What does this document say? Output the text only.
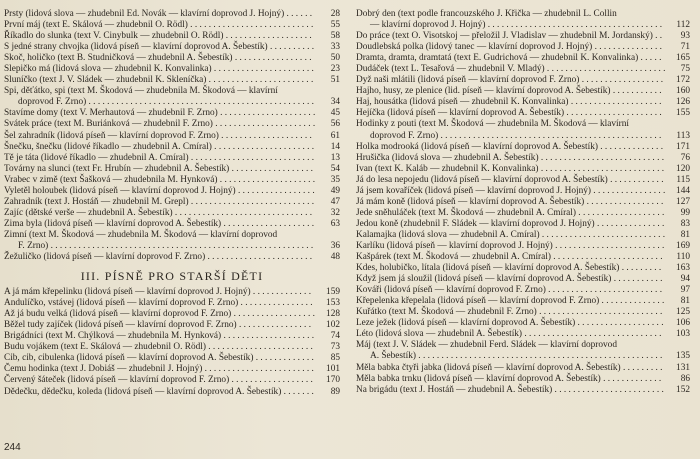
Prsty (lidová slova — zhudebnil Ed. Novák — klavírní doprovod J. Hojný) . . . . . .	28
První máj (text E. Skálová — zhudebnil O. Rödl) . . . . . . . . . . . . . . . . . . . . . . . . . . .	55
Říkadlo do slunka (text V. Cinybulk — zhudebnil O. Rödl) . . . . . . . . . . . . . . . . . . .	58
S jedné strany chvojka (lidová píseň — klavírní doprovod A. Šebestík) . . . . . . . . . .	33
Skoč, holičko (text B. Studničková — zhudebnil A. Šebestík) . . . . . . . . . . . . . . . . .	50
Slepičko má (lidová slova — zhudebnil K. Konvalinka) . . . . . . . . . . . . . . . . . . . . . .	23
Sluníčko (text J. V. Sládek — zhudebnil K. Skleníčka) . . . . . . . . . . . . . . . . . . . . . . .	51
Spi, děťátko, spi (text M. Škodová — zhudebnila M. Škodová — klavírní
doprovod F. Zrno) . . . . . . . . . . . . . . . . . . . . . . . . . . . . . . . . . . . . . . . . . . . . . . . . .	34
Stavíme domy (text V. Merhautová — zhudebnil F. Zrno) . . . . . . . . . . . . . . . . . . . . .	45
Svátek práce (text M. Buriánková — zhudebnil F. Zrno) . . . . . . . . . . . . . . . . . . . . . .	56
Šel zahradník (lidová píseň — klavírní doprovod F. Zrno) . . . . . . . . . . . . . . . . . . . .	61
Šnečku, šnečku (lidové říkadlo — zhudebnil A. Cmíral) . . . . . . . . . . . . . . . . . . . . . .	14
Tě je táta (lidové říkadlo — zhudebnil A. Cmíral) . . . . . . . . . . . . . . . . . . . . . . . . . . .	13
Továrny na slunci (text Fr. Hrubín — zhudebnil A. Šebestík) . . . . . . . . . . . . . . . . . .	54
Vrabec v zimě (text Šašková — zhudebnila M. Hynková) . . . . . . . . . . . . . . . . . . . . .	35
Vyletěl holoubek (lidová píseň — klavírní doprovod J. Hojný) . . . . . . . . . . . . . . . . .	49
Zahradník (text J. Hostáň — zhudebnil M. Grepl) . . . . . . . . . . . . . . . . . . . . . . . . . . .	47
Zajíc (dětské verše — zhudebnil A. Šebestík) . . . . . . . . . . . . . . . . . . . . . . . . . . . . . .	32
Zima byla (lidová píseň — klavírní doprovod A. Šebestík) . . . . . . . . . . . . . . . . . . . .	63
Zimní (text M. Škodová — zhudebnila M. Škodová — klavírní doprovod
F. Zrno) . . . . . . . . . . . . . . . . . . . . . . . . . . . . . . . . . . . . . . . . . . . . . . . . . . . . . . . . .	36
Žežuličko (lidová píseň — klavírní doprovod F. Zrno) . . . . . . . . . . . . . . . . . . . . . . .	48
III. PÍSNĚ PRO STARŠÍ DĚTI
A já mám křepelinku (lidová píseň — klavírní doprovod J. Hojný) . . . . . . . . . . . . .	159
Andulíčko, vstávej (lidová píseň — klavírní doprovod F. Zrno) . . . . . . . . . . . . . . . .	153
Až já budu velká (lidová píseň — klavírní doprovod F. Zrno) . . . . . . . . . . . . . . . . . .	128
Běžel tudy zajíček (lidová píseň — klavírní doprovod F. Zrno) . . . . . . . . . . . . . . . .	102
Brigádníci (text M. Chýlková — zhudebnila M. Hynková) . . . . . . . . . . . . . . . . . . . .	74
Budu vojákem (text E. Skálová — zhudebnil O. Rödl) . . . . . . . . . . . . . . . . . . . . . . .	73
Cib, cib, cibulenka (lidová píseň — klavírní doprovod A. Šebestík) . . . . . . . . . . . . .	85
Čemu hodinka (text J. Dobiáš — zhudebnil J. Hojný) . . . . . . . . . . . . . . . . . . . . . . . .	101
Červený šáteček (lidová píseň — klavírní doprovod F. Zrno) . . . . . . . . . . . . . . . . . .	170
Dědečku, dědečku, koleda (lidová píseň — klavírní doprovod A. Šebestík) . . . . . . .	89
Dobrý den (text podle francouzského J. Křička — zhudebnil L. Collin
— klavírní doprovod J. Hojný) . . . . . . . . . . . . . . . . . . . . . . . . . . . . . . . . . . . . . .	112
Do práce (text O. Visotskoj — přeložil J. Vladislav — zhudebnil M. Jordanský) . .	93
Doudlebská polka (lidový tanec — klavírní doprovod J. Hojný) . . . . . . . . . . . . . . .	71
Dramta, dramta, dramtatá (text E. Gudrichová — zhudebnil K. Konvalinka) . . . . .	165
Dudáček (text L. Tesařová — zhudebnil V. Mladý) . . . . . . . . . . . . . . . . . . . . . . . . . .	75
Dyž naši mlátili (lidová píseň — klavírní doprovod F. Zrno) . . . . . . . . . . . . . . . . . .	172
Hajho, husy, ze plenice (lid. píseň — klavírní doprovod A. Šebestík) . . . . . . . . . . .	160
Haj, housátka (lidová píseň — zhudebnil K. Konvalinka) . . . . . . . . . . . . . . . . . . . .	126
Hejíčka (lidová píseň — klavírní doprovod A. Šebestík) . . . . . . . . . . . . . . . . . . . . .	155
Hodinky z pouti (text M. Škodová — zhudebnila M. Škodová — klavírní
doprovod F. Zrno) . . . . . . . . . . . . . . . . . . . . . . . . . . . . . . . . . . . . . . . . . . . . . . . .	113
Holka modrooká (lidová píseň — klavírní doprovod A. Šebestík) . . . . . . . . . . . . . .	171
Hrušička (lidová slova — zhudebnil A. Šebestík) . . . . . . . . . . . . . . . . . . . . . . . . . . .	76
Ivan (text K. Kaláb — zhudebnil K. Konvalinka) . . . . . . . . . . . . . . . . . . . . . . . . . . .	120
Já do lesa nepojedu (lidová píseň — klavírní doprovod A. Šebestík) . . . . . . . . . . . .	115
Já jsem kovaříček (lidová píseň — klavírní doprovod J. Hojný) . . . . . . . . . . . . . . . .	144
Já mám koně (lidová píseň — klavírní doprovod A. Šebestík) . . . . . . . . . . . . . . . . .	127
Jede sněhuláček (text M. Škodová — zhudebnil A. Cmíral) . . . . . . . . . . . . . . . . . . .	99
Jedou koně (zhudebnil F. Sládek — klavírní doprovod J. Hojný) . . . . . . . . . . . . . . .	83
Kalamajka (lidová slova — zhudebnil A. Cmíral) . . . . . . . . . . . . . . . . . . . . . . . . . . .	81
Karlíku (lidová píseň — klavírní doprovod J. Hojný) . . . . . . . . . . . . . . . . . . . . . . . .	169
Kašpárek (text M. Škodová — zhudebnil A. Cmíral) . . . . . . . . . . . . . . . . . . . . . . . .	110
Kdes, holubičko, lítala (lidová píseň — klavírní doprovod A. Šebestík) . . . . . . . . .	163
Když jsem já sloužil (lidová píseň — klavírní doprovod A. Šebestík) . . . . . . . . . . .	94
Kováři (lidová píseň — klavírní doprovod F. Zrno) . . . . . . . . . . . . . . . . . . . . . . . . .	97
Křepelenka křepelala (lidová píseň — klavírní doprovod F. Zrno) . . . . . . . . . . . . . .	81
Kuřátko (text M. Škodová — zhudebnil F. Zrno) . . . . . . . . . . . . . . . . . . . . . . . . . . .	125
Leze ježek (lidová píseň — klavírní doprovod A. Šebestík) . . . . . . . . . . . . . . . . . . .	106
Léto (lidová slova — zhudebnil A. Šebestík) . . . . . . . . . . . . . . . . . . . . . . . . . . . . . .	103
Máj (text J. V. Sládek — zhudebnil Ferd. Sládek — klavírní doprovod
A. Šebestík) . . . . . . . . . . . . . . . . . . . . . . . . . . . . . . . . . . . . . . . . . . . . . . . . . . . . .	135
Měla babka čtyři jabka (lidová píseň — klavírní doprovod A. Šebestík) . . . . . . . . .	131
Měla babka trnku (lidová píseň — klavírní doprovod A. Šebestík) . . . . . . . . . . . . .	86
Na brigádu (text J. Hostáň — zhudebnil A. Šebestík) . . . . . . . . . . . . . . . . . . . . . . . .	152
244
